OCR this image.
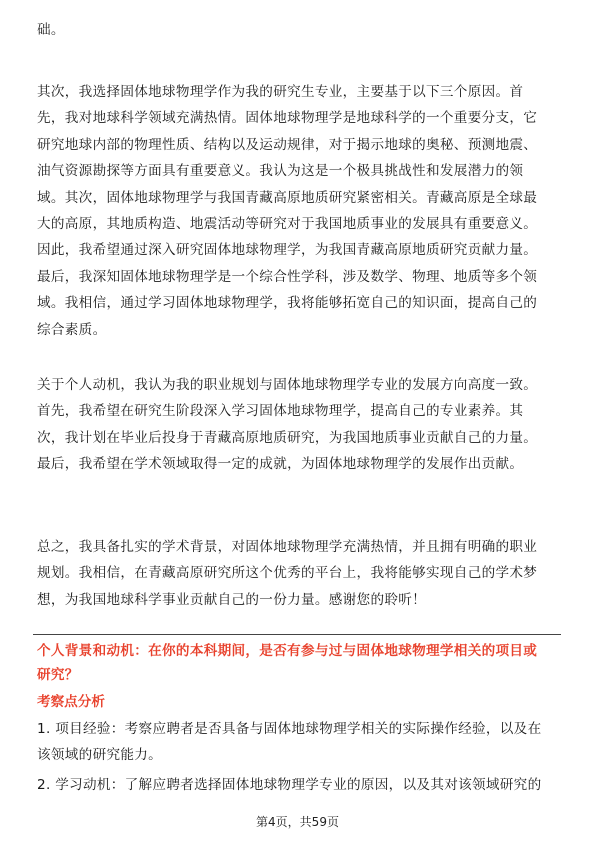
础。

其次，我选择固体地球物理学作为我的研究生专业，主要基于以下三个原因。首
先，我对地球科学领域充满热情。固体地球物理学是地球科学的一个重要分支，它
研究地球内部的物理性质、结构以及运动规律，对于揭示地球的奥秘、预测地震、
油气资源勘探等方面具有重要意义。我认为这是一个极具挑战性和发展潜力的领
域。其次，固体地球物理学与我国青藏高原地质研究紧密相关。青藏高原是全球最
大的高原，其地质构造、地震活动等研究对于我国地质事业的发展具有重要意义。
因此，我希望通过深入研究固体地球物理学，为我国青藏高原地质研究贡献力量。
最后，我深知固体地球物理学是一个综合性学科，涉及数学、物理、地质等多个领
域。我相信，通过学习固体地球物理学，我将能够拓宽自己的知识面，提高自己的
综合素质。

关于个人动机，我认为我的职业规划与固体地球物理学专业的发展方向高度一致。
首先，我希望在研究生阶段深入学习固体地球物理学，提高自己的专业素养。其
次，我计划在毕业后投身于青藏高原地质研究，为我国地质事业贡献自己的力量。
最后，我希望在学术领域取得一定的成就，为固体地球物理学的发展作出贡献。

总之，我具备扎实的学术背景，对固体地球物理学充满热情，并且拥有明确的职业
规划。我相信，在青藏高原研究所这个优秀的平台上，我将能够实现自己的学术梦
想，为我国地球科学事业贡献自己的一份力量。感谢您的聆听！

个人背景和动机：在你的本科期间，是否有参与过与固体地球物理学相关的项目或
研究？

考察点分析

1. 项目经验：考察应聘者是否具备与固体地球物理学相关的实际操作经验，以及在
该领域的研究能力。
2. 学习动机：了解应聘者选择固体地球物理学专业的原因，以及其对该领域研究的
第4页，共59页
